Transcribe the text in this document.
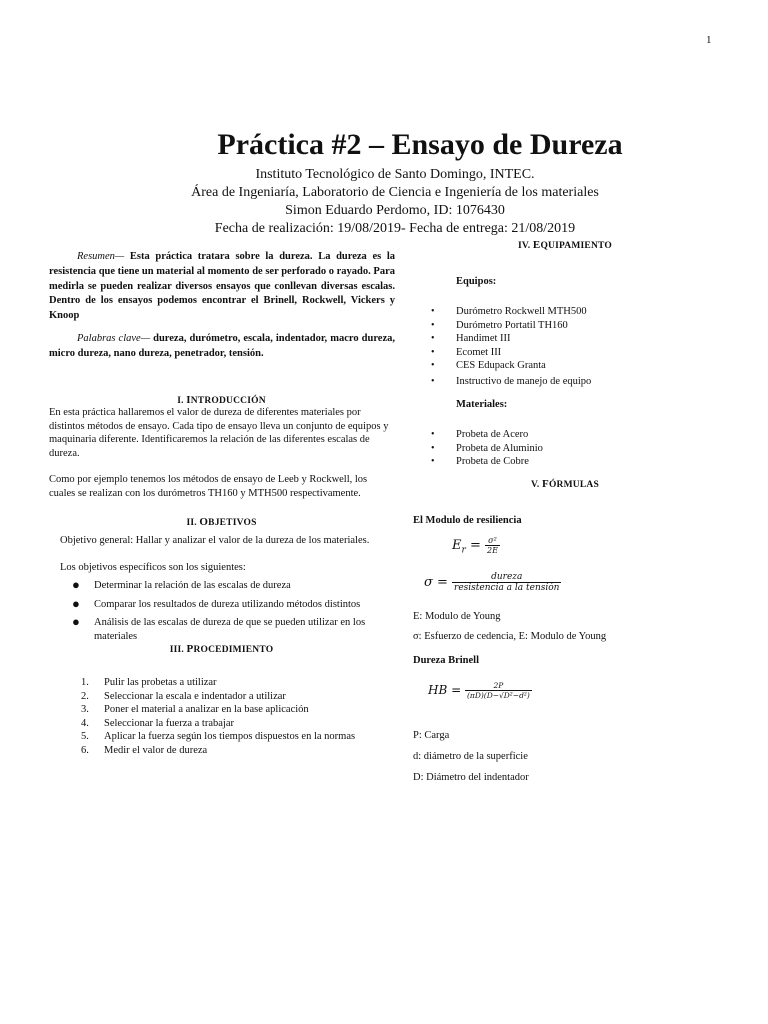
1
Práctica #2 – Ensayo de Dureza
Instituto Tecnológico de Santo Domingo, INTEC.
Área de Ingeniaría, Laboratorio de Ciencia e Ingeniería de los materiales
Simon Eduardo Perdomo, ID: 1076430
Fecha de realización: 19/08/2019- Fecha de entrega: 21/08/2019
Resumen— Esta práctica tratara sobre la dureza. La dureza es la resistencia que tiene un material al momento de ser perforado o rayado. Para medirla se pueden realizar diversos ensayos que conllevan diversas escalas. Dentro de los ensayos podemos encontrar el Brinell, Rockwell, Vickers y Knoop
Palabras clave— dureza, durómetro, escala, indentador, macro dureza, micro dureza, nano dureza, penetrador, tensión.
I. INTRODUCCIÓN
En esta práctica hallaremos el valor de dureza de diferentes materiales por distintos métodos de ensayo. Cada tipo de ensayo lleva un conjunto de equipos y maquinaria diferente. Identificaremos la relación de las diferentes escalas de dureza.
Como por ejemplo tenemos los métodos de ensayo de Leeb y Rockwell, los cuales se realizan con los durómetros TH160 y MTH500 respectivamente.
II. OBJETIVOS
Objetivo general: Hallar y analizar el valor de la dureza de los materiales.
Los objetivos específicos son los siguientes:
● Determinar la relación de las escalas de dureza
● Comparar los resultados de dureza utilizando métodos distintos
● Análisis de las escalas de dureza de que se pueden utilizar en los materiales
III. PROCEDIMIENTO
1. Pulir las probetas a utilizar
2. Seleccionar la escala e indentador a utilizar
3. Poner el material a analizar en la base aplicación
4. Seleccionar la fuerza a trabajar
5. Aplicar la fuerza según los tiempos dispuestos en la normas
6. Medir el valor de dureza
IV. EQUIPAMIENTO
Equipos:
• Durómetro Rockwell MTH500
• Durómetro Portatil TH160
• Handimet III
• Ecomet III
• CES Edupack Granta
• Instructivo de manejo de equipo
Materiales:
• Probeta de Acero
• Probeta de Aluminio
• Probeta de Cobre
V. FÓRMULAS
El Modulo de resiliencia
$E_r = \frac{\text{σ²}}{2E}$
$\sigma = \frac{\text{dureza}}{\text{resistencia a la tensión}}$
E: Modulo de Young
σ: Esfuerzo de cedencia, E: Modulo de Young
Dureza Brinell
HB = $\frac{2P}{\text{(πD)(D−√D²−d²)}}$
P: Carga
d: diámetro de la superficie
D: Diámetro del indentador
